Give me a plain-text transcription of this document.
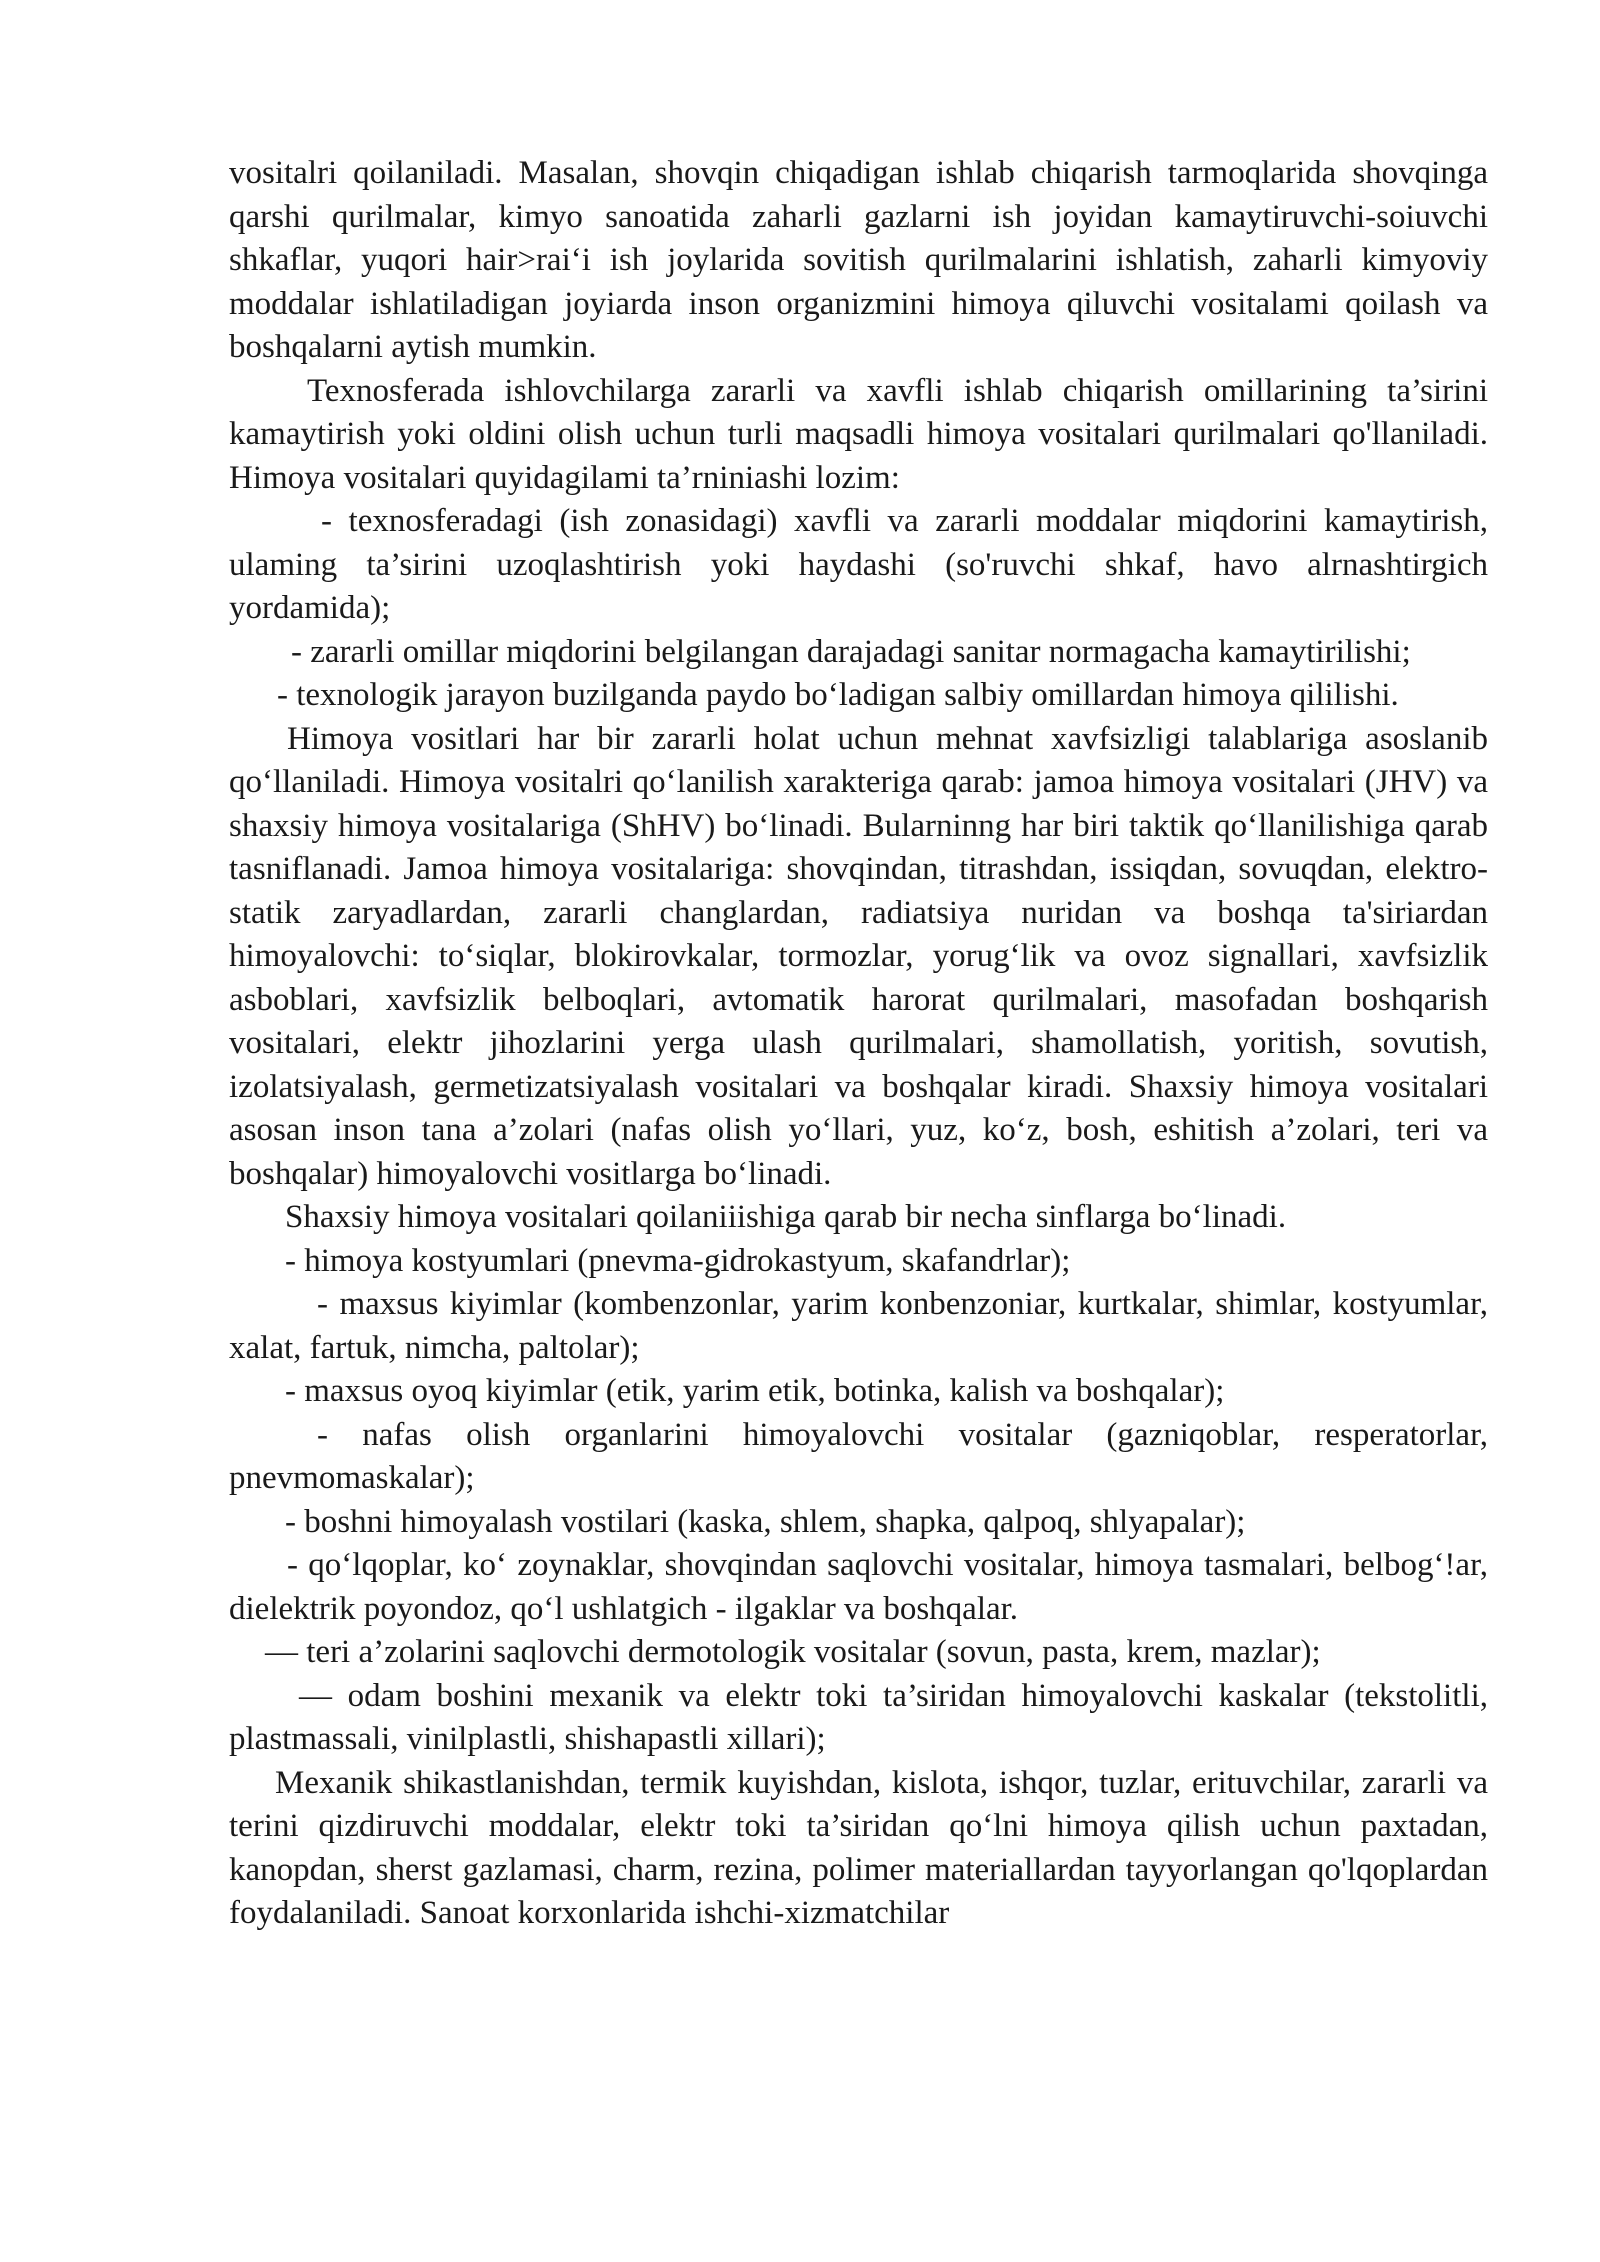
vositalri qoilaniladi. Masalan, shovqin chiqadigan ishlab chiqarish tarmoqlarida shovqinga qarshi qurilmalar, kimyo sanoatida zaharli gazlarni ish joyidan kamaytiruvchi-soiuvchi shkaflar, yuqori hair>rai‘i ish joylarida sovitish qurilmalarini ishlatish, zaharli kimyoviy moddalar ishlatiladigan joyiarda inson organizmini himoya qiluvchi vositalami qoilash va boshqalarni aytish mumkin.

Texnosferada ishlovchilarga zararli va xavfli ishlab chiqarish omillarining ta’sirini kamaytirish yoki oldini olish uchun turli maqsadli himoya vositalari qurilmalari qo'llaniladi. Himoya vositalari quyidagilami ta’rniniashi lozim:

- texnosferadagi (ish zonasidagi) xavfli va zararli moddalar miqdorini kamaytirish, ulaming ta’sirini uzoqlashtirish yoki haydashi (so'ruvchi shkaf, havo alrnashtirgich yordamida);

- zararli omillar miqdorini belgilangan darajadagi sanitar normagacha kamaytirilishi;

- texnologik jarayon buzilganda paydo bo‘ladigan salbiy omillardan himoya qililishi.

Himoya vositlari har bir zararli holat uchun mehnat xavfsizligi talablariga asoslanib qo‘llaniladi. Himoya vositalri qo‘lanilish xarakteriga qarab: jamoa himoya vositalari (JHV) va shaxsiy himoya vositalariga (ShHV) bo‘linadi. Bularninng har biri taktik qo‘llanilishiga qarab tasniflanadi. Jamoa himoya vositalariga: shovqindan, titrashdan, issiqdan, sovuqdan, elektro-statik zaryadlardan, zararli changlardan, radiatsiya nuridan va boshqa ta'siriardan himoyalovchi: to‘siqlar, blokirovkalar, tormozlar, yorug‘lik va ovoz signallari, xavfsizlik asboblari, xavfsizlik belboqlari, avtomatik harorat qurilmalari, masofadan boshqarish vositalari, elektr jihozlarini yerga ulash qurilmalari, shamollatish, yoritish, sovutish, izolatsiyalash, germetizatsiyalash vositalari va boshqalar kiradi. Shaxsiy himoya vositalari asosan inson tana a’zolari (nafas olish yo‘llari, yuz, ko‘z, bosh, eshitish a’zolari, teri va boshqalar) himoyalovchi vositlarga bo‘linadi.

Shaxsiy himoya vositalari qoilaniiishiga qarab bir necha sinflarga bo‘linadi.

- himoya kostyumlari (pnevma-gidrokastyum, skafandrlar);

- maxsus kiyimlar (kombenzonlar, yarim konbenzoniar, kurtkalar, shimlar, kostyumlar, xalat, fartuk, nimcha, paltolar);

- maxsus oyoq kiyimlar (etik, yarim etik, botinka, kalish va boshqalar);

- nafas olish organlarini himoyalovchi vositalar (gazniqoblar, resperatorlar, pnevmomaskalar);

- boshni himoyalash vostilari (kaska, shlem, shapka, qalpoq, shlyapalar);

- qo‘lqoplar, ko‘ zoynaklar, shovqindan saqlovchi vositalar, himoya tasmalari, belbog‘!ar, dielektrik poyondoz, qo‘l ushlatgich - ilgaklar va boshqalar.

— teri a’zolarini saqlovchi dermotologik vositalar (sovun, pasta, krem, mazlar);

— odam boshini mexanik va elektr toki ta’siridan himoyalovchi kaskalar (tekstolitli, plastmassali, vinilplastli, shishapastli xillari);

Mexanik shikastlanishdan, termik kuyishdan, kislota, ishqor, tuzlar, erituvchilar, zararli va terini qizdiruvchi moddalar, elektr toki ta’siridan qo‘lni himoya qilish uchun paxtadan, kanopdan, sherst gazlamasi, charm, rezina, polimer materiallardan tayyorlangan qo'lqoplardan foydalaniladi. Sanoat korxonlarida ishchi-xizmatchilar
